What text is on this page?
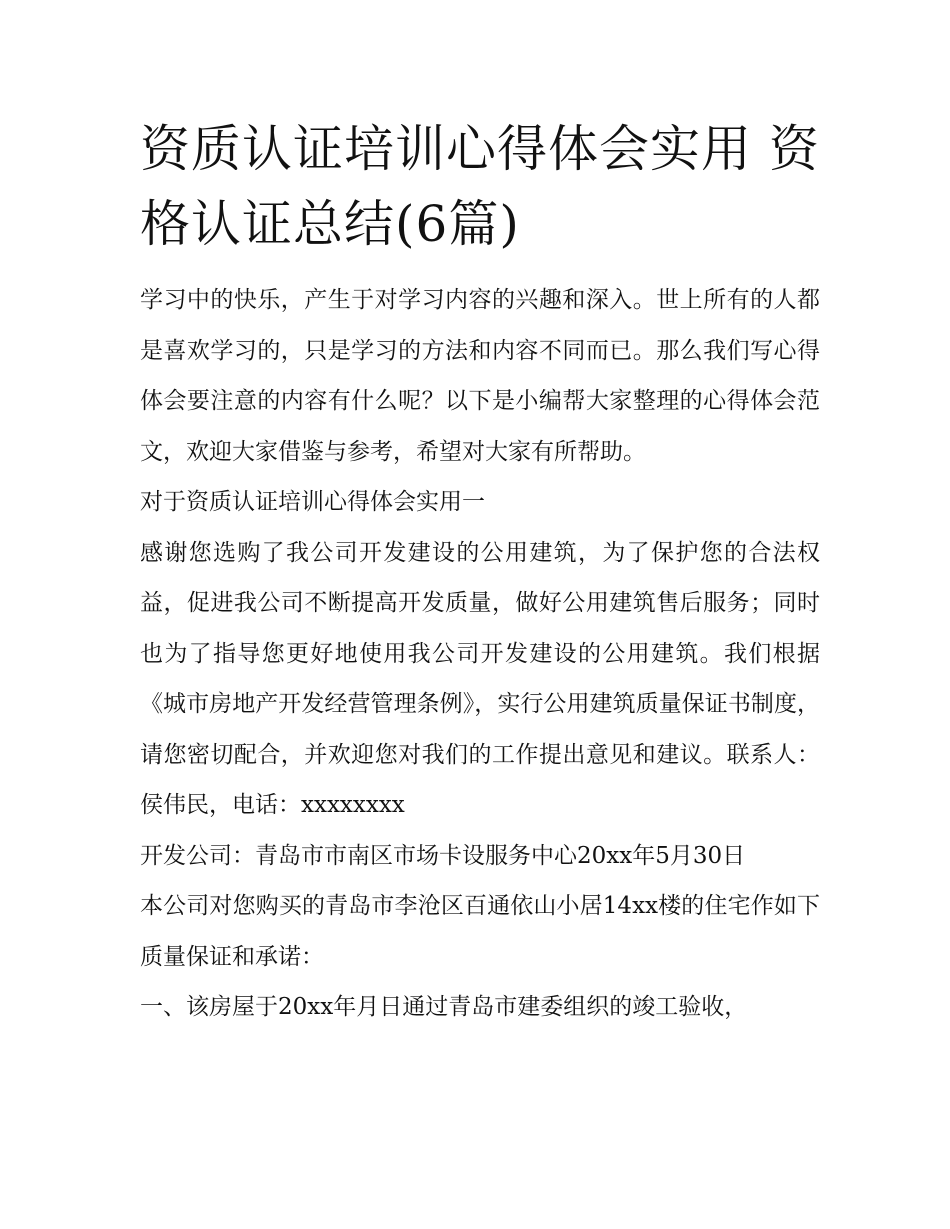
资质认证培训心得体会实用 资格认证总结(6篇)

学习中的快乐，产生于对学习内容的兴趣和深入。世上所有的人都是喜欢学习的，只是学习的方法和内容不同而已。那么我们写心得体会要注意的内容有什么呢？以下是小编帮大家整理的心得体会范文，欢迎大家借鉴与参考，希望对大家有所帮助。

对于资质认证培训心得体会实用一

感谢您选购了我公司开发建设的公用建筑，为了保护您的合法权益，促进我公司不断提高开发质量，做好公用建筑售后服务；同时也为了指导您更好地使用我公司开发建设的公用建筑。我们根据《城市房地产开发经营管理条例》，实行公用建筑质量保证书制度，请您密切配合，并欢迎您对我们的工作提出意见和建议。联系人：侯伟民，电话：xxxxxxxx

开发公司：青岛市市南区市场卡设服务中心20xx年5月30日

本公司对您购买的青岛市李沧区百通依山小居14xx楼的住宅作如下质量保证和承诺：

一、该房屋于20xx年月日通过青岛市建委组织的竣工验收，
